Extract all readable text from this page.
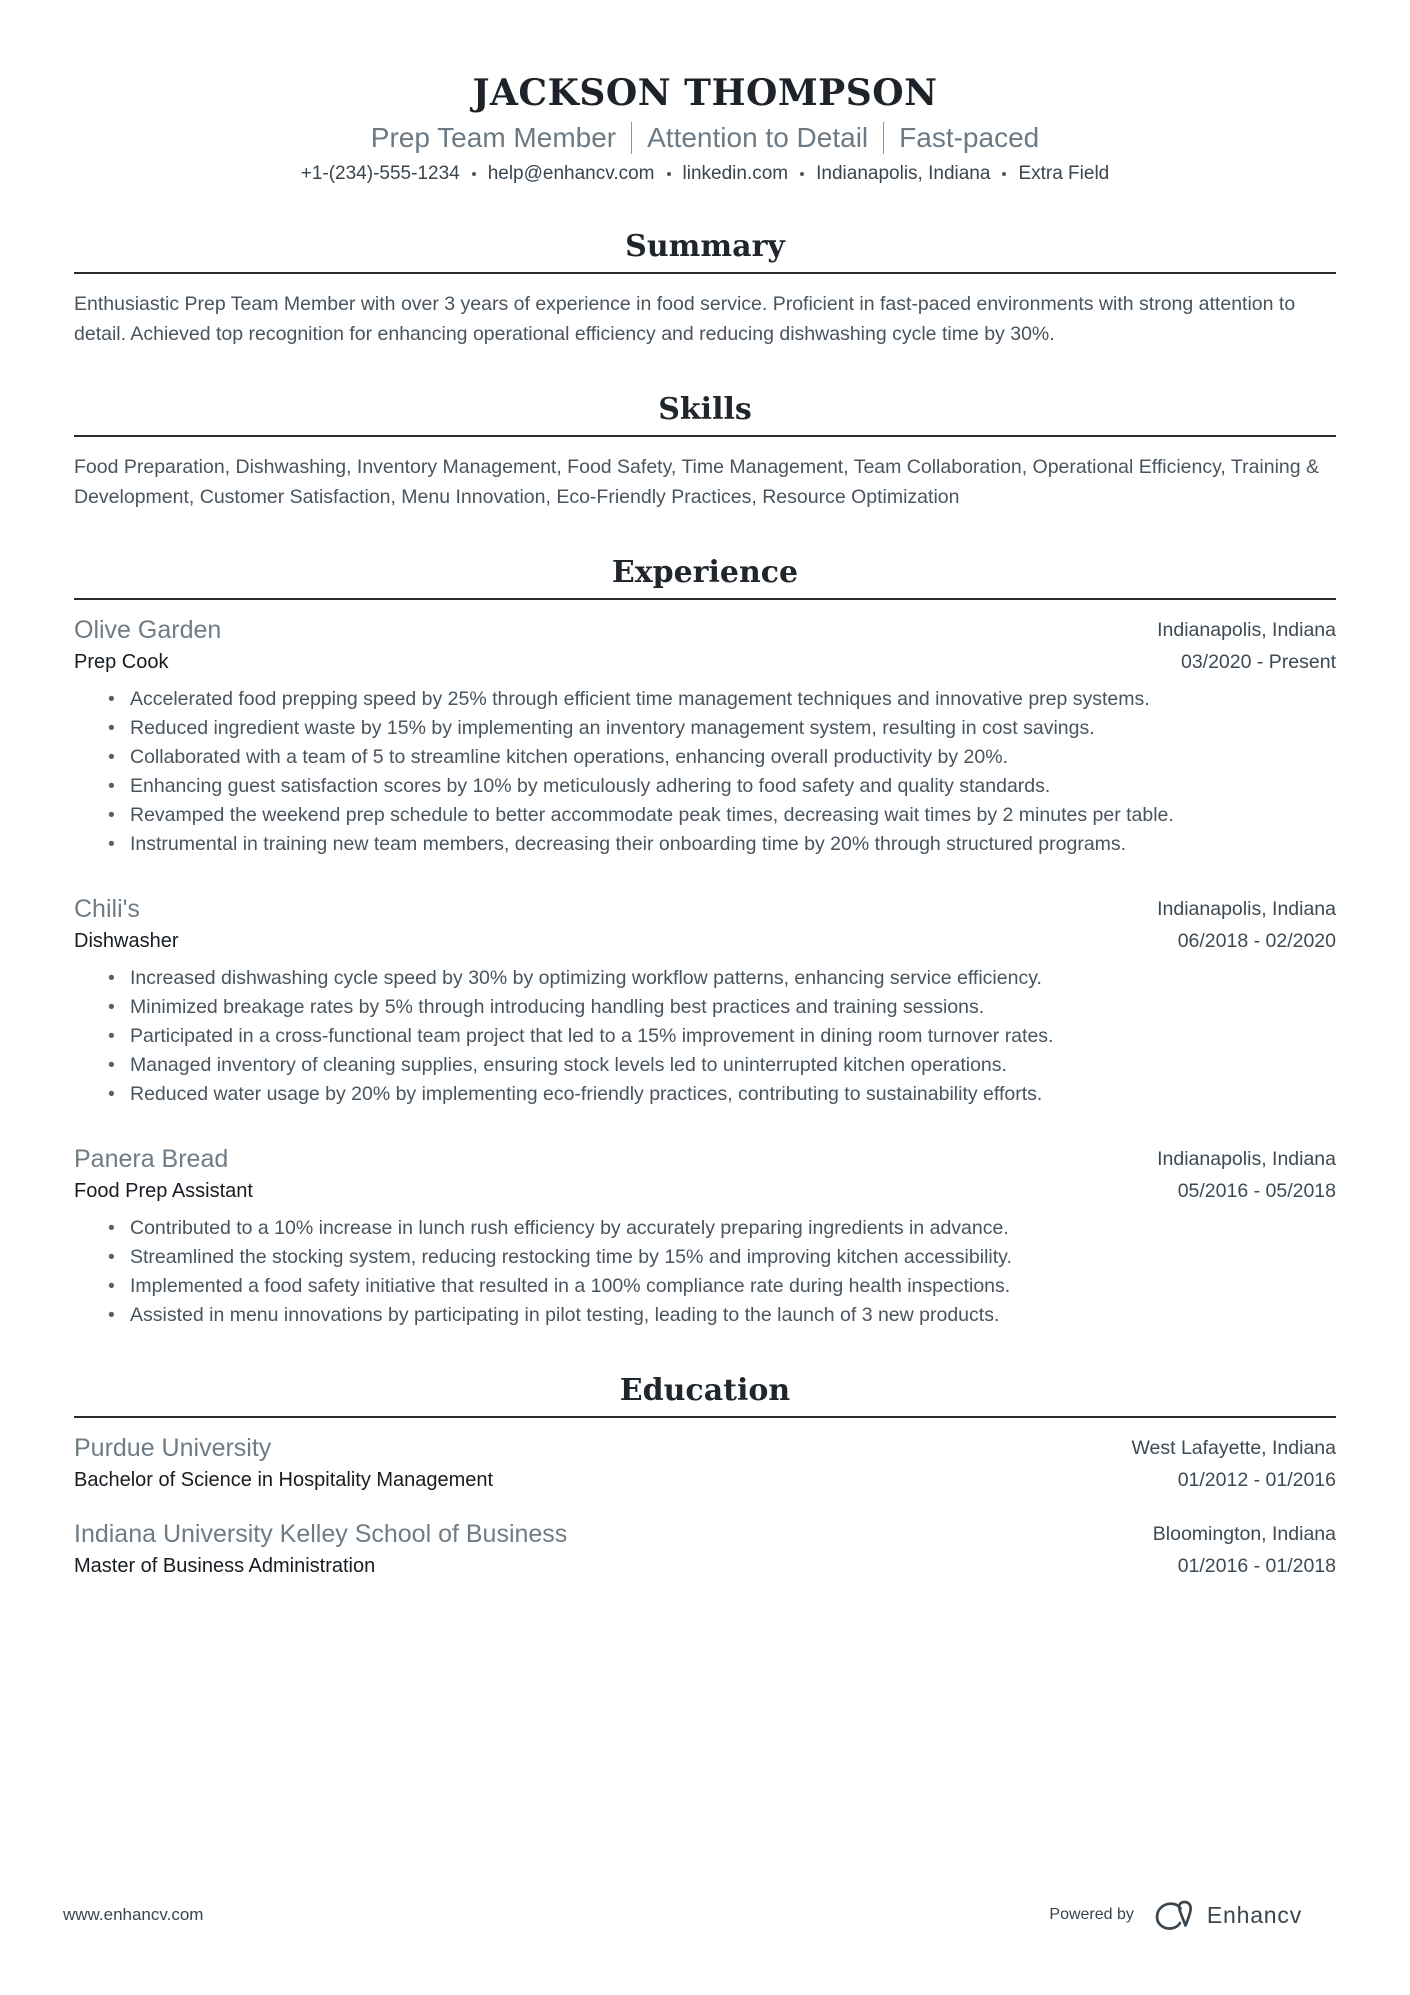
JACKSON THOMPSON
Prep Team Member Attention to Detail Fast-paced
+1-(234)-555-1234 help@enhancv.com linkedin.com Indianapolis, Indiana Extra Field
Summary

Enthusiastic Prep Team Member with over 3 years of experience in food service. Proficient in fast-paced environments with strong attention to detail. Achieved top recognition for enhancing operational efficiency and reducing dishwashing cycle time by 30%.

Skills

Food Preparation, Dishwashing, Inventory Management, Food Safety, Time Management, Team Collaboration, Operational Efficiency, Training & Development, Customer Satisfaction, Menu Innovation, Eco-Friendly Practices, Resource Optimization

Experience
Olive Garden
Prep Cook
Indianapolis, Indiana
03/2020 - Present
• Accelerated food prepping speed by 25% through efficient time management techniques and innovative prep systems.
• Reduced ingredient waste by 15% by implementing an inventory management system, resulting in cost savings.
• Collaborated with a team of 5 to streamline kitchen operations, enhancing overall productivity by 20%.
• Enhancing guest satisfaction scores by 10% by meticulously adhering to food safety and quality standards.
• Revamped the weekend prep schedule to better accommodate peak times, decreasing wait times by 2 minutes per table.
• Instrumental in training new team members, decreasing their onboarding time by 20% through structured programs.
Chili's
Dishwasher
Indianapolis, Indiana
06/2018 - 02/2020
• Increased dishwashing cycle speed by 30% by optimizing workflow patterns, enhancing service efficiency.
• Minimized breakage rates by 5% through introducing handling best practices and training sessions.
• Participated in a cross-functional team project that led to a 15% improvement in dining room turnover rates.
• Managed inventory of cleaning supplies, ensuring stock levels led to uninterrupted kitchen operations.
• Reduced water usage by 20% by implementing eco-friendly practices, contributing to sustainability efforts.
Panera Bread
Food Prep Assistant
Indianapolis, Indiana
05/2016 - 05/2018
• Contributed to a 10% increase in lunch rush efficiency by accurately preparing ingredients in advance.
• Streamlined the stocking system, reducing restocking time by 15% and improving kitchen accessibility.
• Implemented a food safety initiative that resulted in a 100% compliance rate during health inspections.
• Assisted in menu innovations by participating in pilot testing, leading to the launch of 3 new products.
Education
Purdue University
Bachelor of Science in Hospitality Management
West Lafayette, Indiana
01/2012 - 01/2016
Indiana University Kelley School of Business
Master of Business Administration
Bloomington, Indiana
01/2016 - 01/2018
www.enhancv.com	Powered by	Enhancv
